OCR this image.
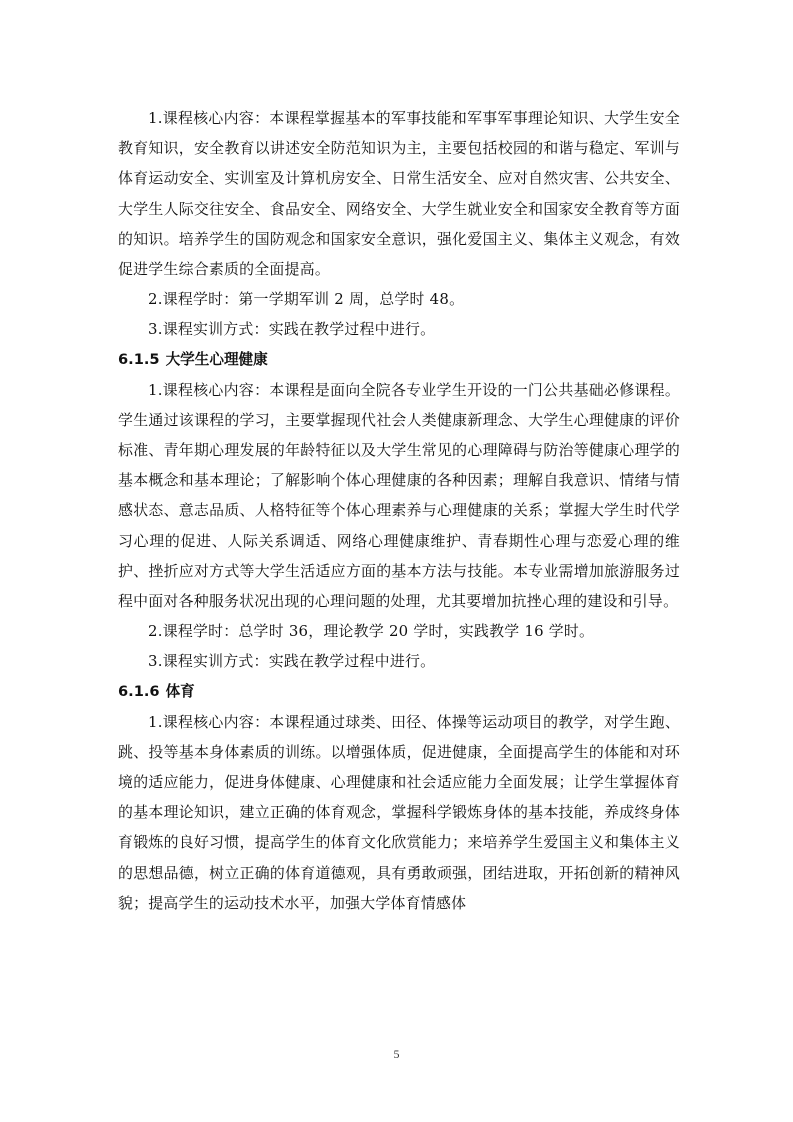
1.课程核心内容：本课程掌握基本的军事技能和军事军事理论知识、大学生安全教育知识，安全教育以讲述安全防范知识为主，主要包括校园的和谐与稳定、军训与体育运动安全、实训室及计算机房安全、日常生活安全、应对自然灾害、公共安全、大学生人际交往安全、食品安全、网络安全、大学生就业安全和国家安全教育等方面的知识。培养学生的国防观念和国家安全意识，强化爱国主义、集体主义观念，有效促进学生综合素质的全面提高。

2.课程学时：第一学期军训 2 周，总学时 48。

3.课程实训方式：实践在教学过程中进行。

6.1.5 大学生心理健康

1.课程核心内容：本课程是面向全院各专业学生开设的一门公共基础必修课程。学生通过该课程的学习，主要掌握现代社会人类健康新理念、大学生心理健康的评价标准、青年期心理发展的年龄特征以及大学生常见的心理障碍与防治等健康心理学的基本概念和基本理论；了解影响个体心理健康的各种因素；理解自我意识、情绪与情感状态、意志品质、人格特征等个体心理素养与心理健康的关系；掌握大学生时代学习心理的促进、人际关系调适、网络心理健康维护、青春期性心理与恋爱心理的维护、挫折应对方式等大学生活适应方面的基本方法与技能。本专业需增加旅游服务过程中面对各种服务状况出现的心理问题的处理，尤其要增加抗挫心理的建设和引导。

2.课程学时：总学时 36，理论教学 20 学时，实践教学 16 学时。

3.课程实训方式：实践在教学过程中进行。

6.1.6 体育

1.课程核心内容：本课程通过球类、田径、体操等运动项目的教学，对学生跑、跳、投等基本身体素质的训练。以增强体质，促进健康，全面提高学生的体能和对环境的适应能力，促进身体健康、心理健康和社会适应能力全面发展；让学生掌握体育的基本理论知识，建立正确的体育观念，掌握科学锻炼身体的基本技能，养成终身体育锻炼的良好习惯，提高学生的体育文化欣赏能力；来培养学生爱国主义和集体主义的思想品德，树立正确的体育道德观，具有勇敢顽强，团结进取，开拓创新的精神风貌；提高学生的运动技术水平，加强大学体育情感体

5
